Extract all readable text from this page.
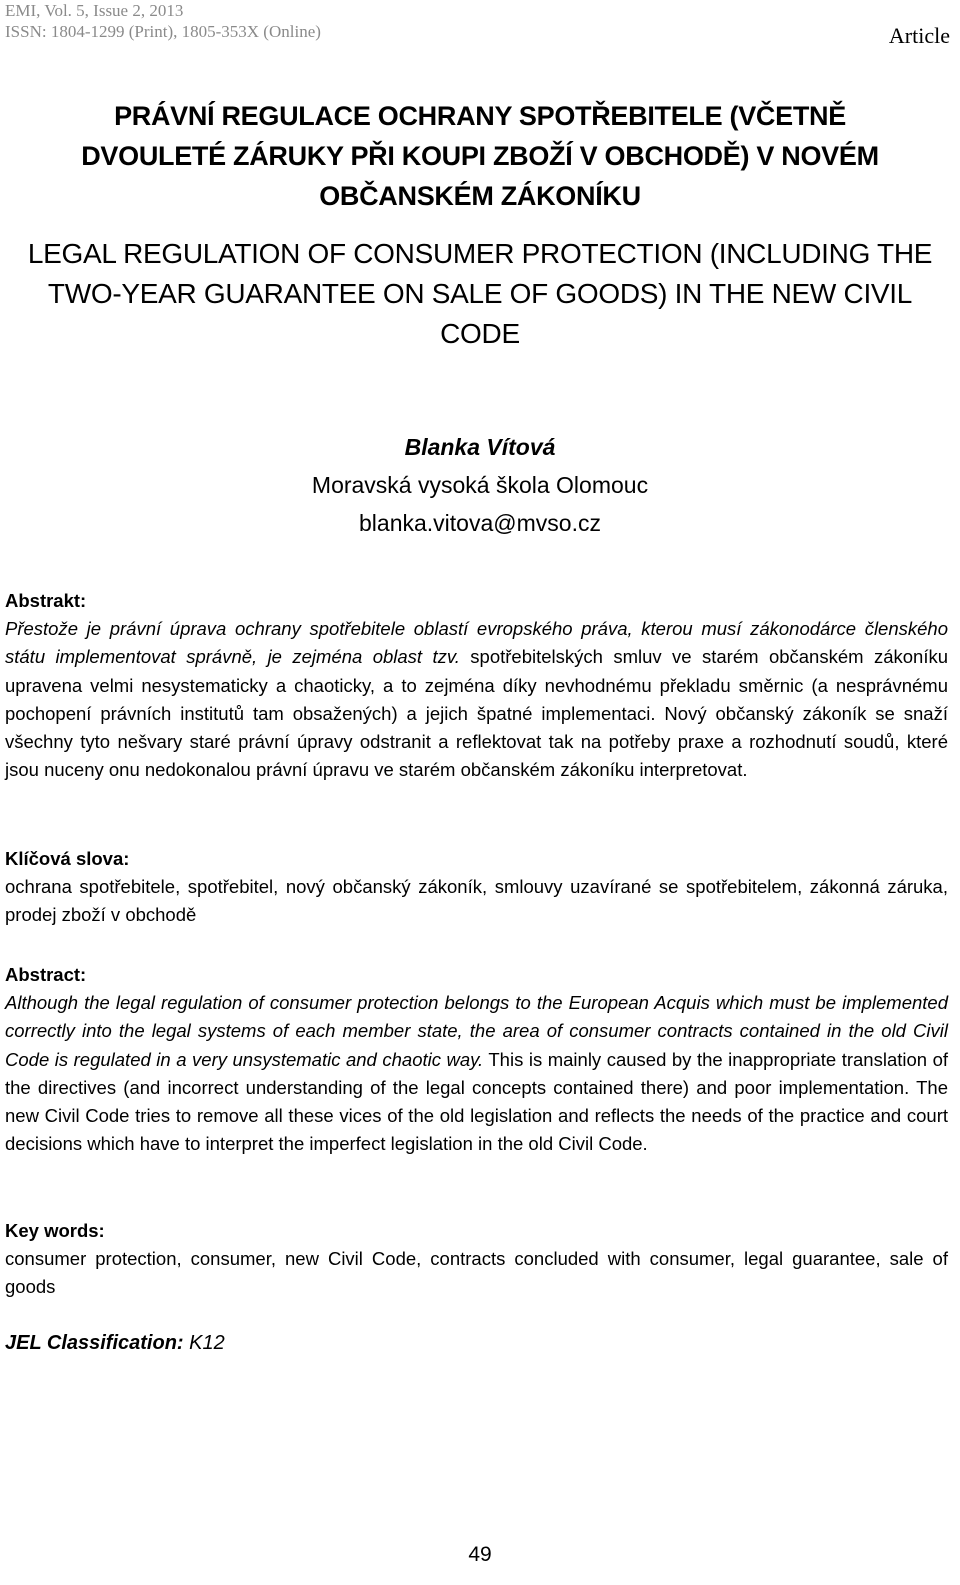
EMI, Vol. 5, Issue 2, 2013
ISSN: 1804-1299 (Print), 1805-353X (Online)	Article
PRÁVNÍ REGULACE OCHRANY SPOTŘEBITELE (VČETNĚ
DVOULETÉ ZÁRUKY PŘI KOUPI ZBOŽÍ V OBCHODĚ) V NOVÉM
OBČANSKÉM ZÁKONÍKU
LEGAL REGULATION OF CONSUMER PROTECTION (INCLUDING THE
TWO-YEAR GUARANTEE ON SALE OF GOODS) IN THE NEW CIVIL
CODE
Blanka Vítová
Moravská vysoká škola Olomouc
blanka.vitova@mvso.cz
Abstrakt:
Přestože je právní úprava ochrany spotřebitele oblastí evropského práva, kterou musí zákonodárce členského státu implementovat správně, je zejména oblast tzv. spotřebitelských smluv ve starém občanském zákoníku upravena velmi nesystematicky a chaoticky, a to zejména díky nevhodnému překladu směrnic (a nesprávnému pochopení právních institutů tam obsažených) a jejich špatné implementaci. Nový občanský zákoník se snaží všechny tyto nešvary staré právní úpravy odstranit a reflektovat tak na potřeby praxe a rozhodnutí soudů, které jsou nuceny onu nedokonalou právní úpravu ve starém občanském zákoníku interpretovat.
Klíčová slova:
ochrana spotřebitele, spotřebitel, nový občanský zákoník, smlouvy uzavírané se spotřebitelem, zákonná záruka, prodej zboží v obchodě
Abstract:
Although the legal regulation of consumer protection belongs to the European Acquis which must be implemented correctly into the legal systems of each member state, the area of consumer contracts contained in the old Civil Code is regulated in a very unsystematic and chaotic way. This is mainly caused by the inappropriate translation of the directives (and incorrect understanding of the legal concepts contained there) and poor implementation. The new Civil Code tries to remove all these vices of the old legislation and reflects the needs of the practice and court decisions which have to interpret the imperfect legislation in the old Civil Code.
Key words:
consumer protection, consumer, new Civil Code, contracts concluded with consumer, legal guarantee, sale of goods
JEL Classification: K12
49
